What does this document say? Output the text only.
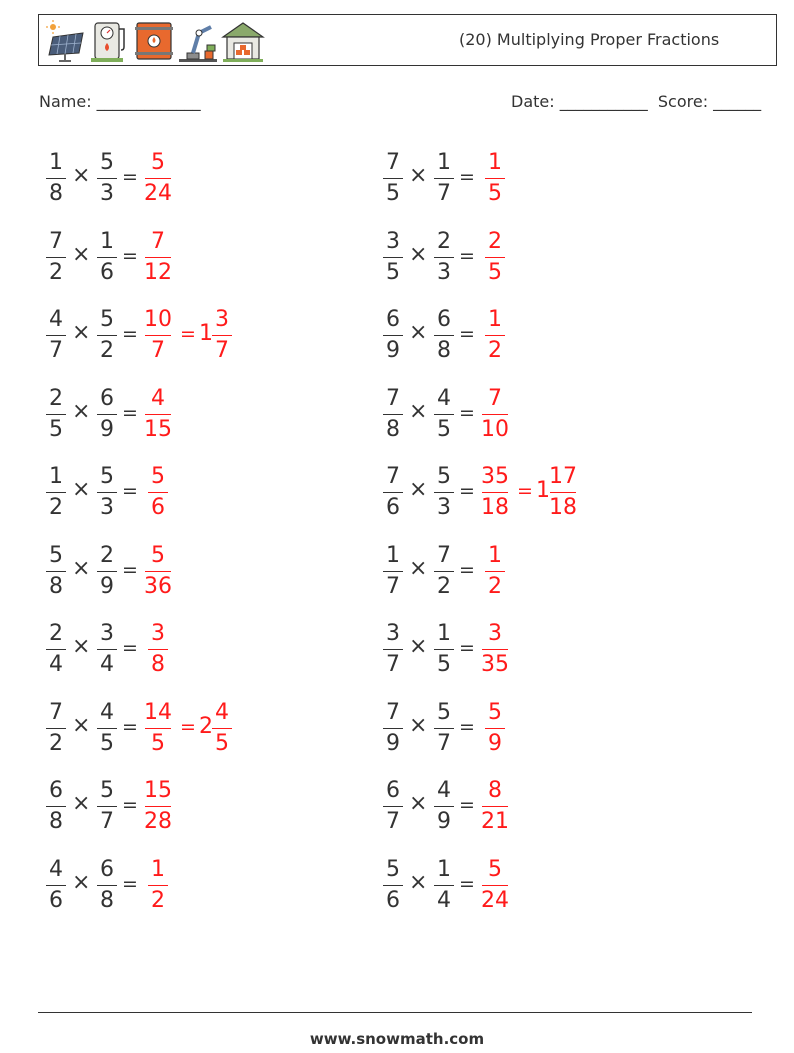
(20) Multiplying Proper Fractions
Name: _____________	Date: ___________  Score: ______
1
8
×
5
3
=
5
24
7
5
×
1
7
=
1
5
7
2
×
1
6
=
7
12
3
5
×
2
3
=
2
5
4
7
×
5
2
=
10
7
= 1
3
7
6
9
×
6
8
=
1
2
2
5
×
6
9
=
4
15
7
8
×
4
5
=
7
10
1
2
×
5
3
=
5
6
7
6
×
5
3
=
35
18
= 1
17
18
5
8
×
2
9
=
5
36
1
7
×
7
2
=
1
2
2
4
×
3
4
=
3
8
3
7
×
1
5
=
3
35
7
2
×
4
5
=
14
5
= 2
4
5
7
9
×
5
7
=
5
9
6
8
×
5
7
=
15
28
6
7
×
4
9
=
8
21
4
6
×
6
8
=
1
2
5
6
×
1
4
=
5
24
www.snowmath.com
